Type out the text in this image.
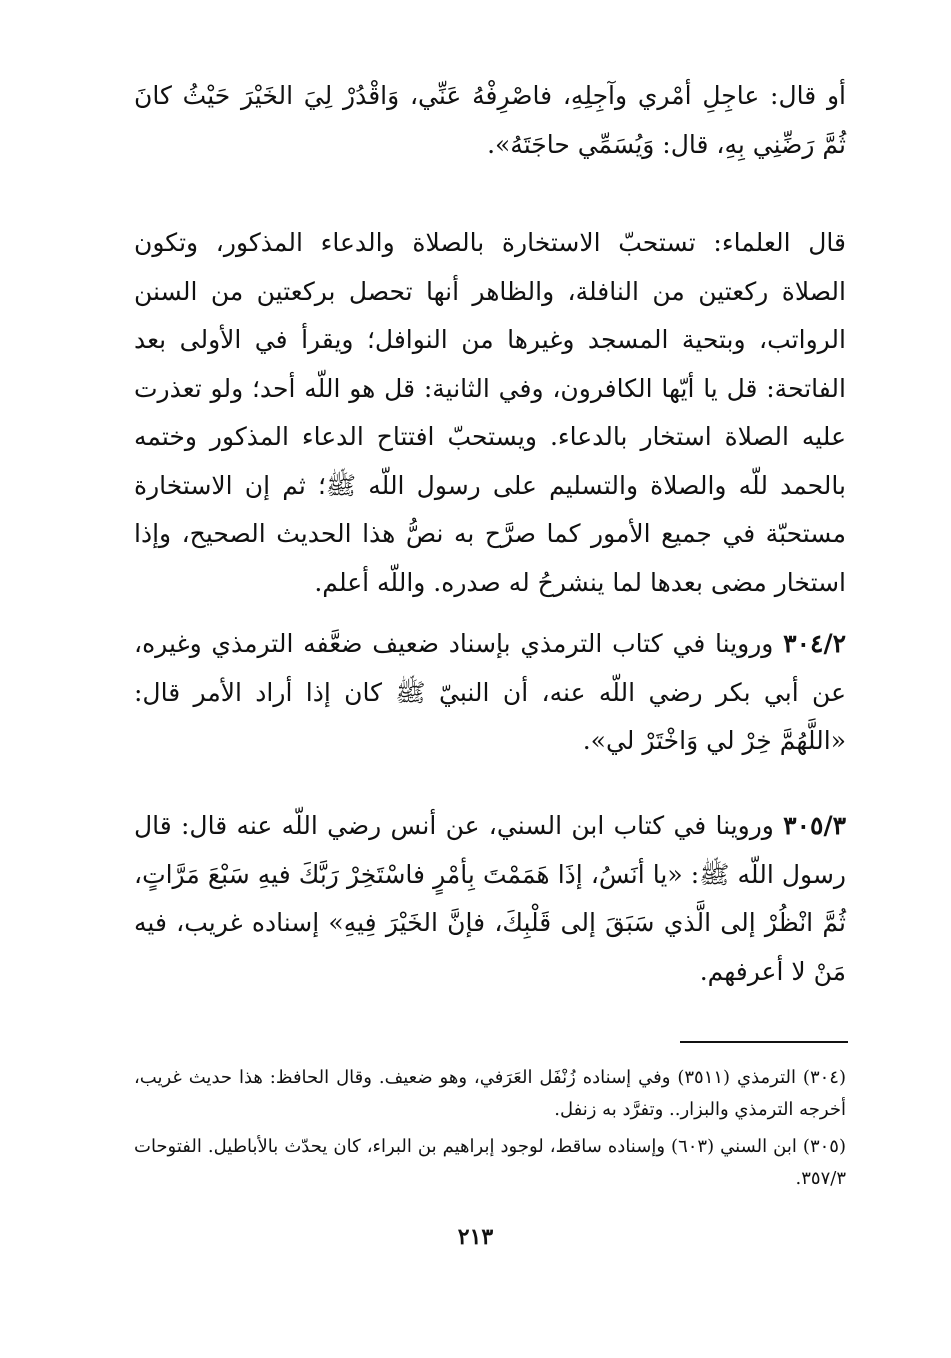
أو قال: عاجِلِ أمْري وآجِلِهِ، فاصْرِفْهُ عَنِّي، وَاقْدُرْ لِيَ الخَيْرَ حَيْثُ كانَ ثُمَّ رَضِّنِي بِهِ، قال: وَيُسَمِّي حاجَتَهُ».

قال العلماء: تستحبّ الاستخارة بالصلاة والدعاء المذكور، وتكون الصلاة ركعتين من النافلة، والظاهر أنها تحصل بركعتين من السنن الرواتب، وبتحية المسجد وغيرها من النوافل؛ ويقرأ في الأولى بعد الفاتحة: قل يا أيّها الكافرون، وفي الثانية: قل هو اللّه أحد؛ ولو تعذرت عليه الصلاة استخار بالدعاء. ويستحبّ افتتاح الدعاء المذكور وختمه بالحمد للّه والصلاة والتسليم على رسول اللّه ﷺ؛ ثم إن الاستخارة مستحبّة في جميع الأمور كما صرَّح به نصُّ هذا الحديث الصحيح، وإذا استخار مضى بعدها لما ينشرحُ له صدره. واللّه أعلم.

٣٠٤/٢ وروينا في كتاب الترمذي بإسناد ضعيف ضعَّفه الترمذي وغيره، عن أبي بكر رضي اللّه عنه، أن النبيّ ﷺ كان إذا أراد الأمر قال: «اللَّهُمَّ خِرْ لي وَاخْتَرْ لي».

٣٠٥/٣ وروينا في كتاب ابن السني، عن أنس رضي اللّه عنه قال: قال رسول اللّه ﷺ: «يا أنَسُ، إذَا هَمَمْتَ بِأمْرٍ فاسْتَخِرْ رَبَّكَ فيهِ سَبْعَ مَرَّاتٍ، ثُمَّ انْظُرْ إلى الَّذي سَبَقَ إلى قَلْبِكَ، فإنَّ الخَيْرَ فِيهِ» إسناده غريب، فيه مَنْ لا أعرفهم.

(٣٠٤) الترمذي (٣٥١١) وفي إسناده زُنْفَل العَرَفي، وهو ضعيف. وقال الحافظ: هذا حديث غريب، أخرجه الترمذي والبزار.. وتفرَّد به زنفل.

(٣٠٥) ابن السني (٦٠٣) وإسناده ساقط، لوجود إبراهيم بن البراء، كان يحدّث بالأباطيل. الفتوحات ٣٥٧/٣.

٢١٣
